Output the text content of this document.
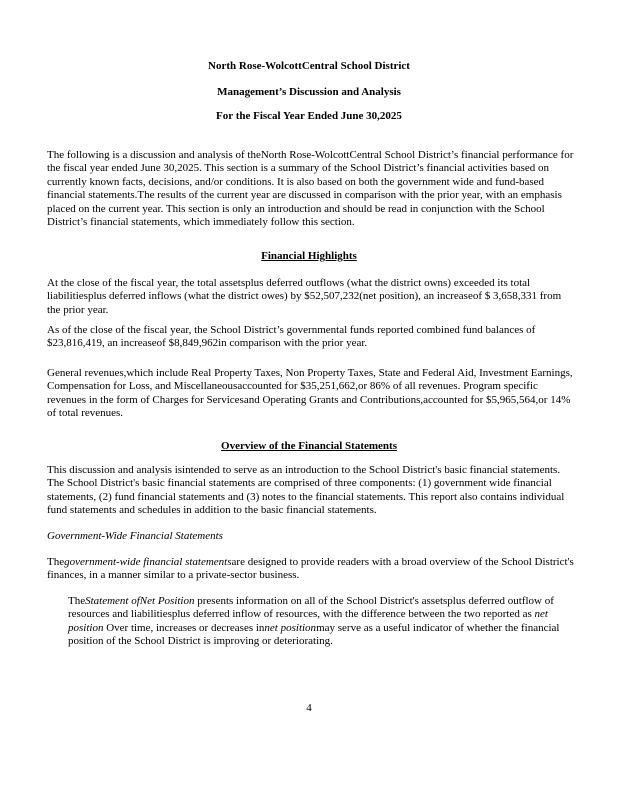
North Rose-WolcottCentral School District
Management’s Discussion and Analysis
For the Fiscal Year Ended June 30,2025
The following is a discussion and analysis of theNorth Rose-WolcottCentral School District’s financial performance for the fiscal year ended June 30,2025. This section is a summary of the School District’s financial activities based on currently known facts, decisions, and/or conditions. It is also based on both the government wide and fund-based financial statements.The results of the current year are discussed in comparison with the prior year, with an emphasis placed on the current year. This section is only an introduction and should be read in conjunction with the School District’s financial statements, which immediately follow this section.
Financial Highlights
At the close of the fiscal year, the total assetsplus deferred outflows (what the district owns) exceeded its total liabilitiesplus deferred inflows (what the district owes) by $52,507,232(net position), an increaseof $ 3,658,331 from the prior year.
As of the close of the fiscal year, the School District’s governmental funds reported combined fund balances of $23,816,419, an increaseof $8,849,962in comparison with the prior year.
General revenues,which include Real Property Taxes, Non Property Taxes, State and Federal Aid, Investment Earnings, Compensation for Loss, and Miscellaneousaccounted for $35,251,662,or 86% of all revenues. Program specific revenues in the form of Charges for Servicesand Operating Grants and Contributions,accounted for $5,965,564,or 14% of total revenues.
Overview of the Financial Statements
This discussion and analysis isintended to serve as an introduction to the School District's basic financial statements. The School District's basic financial statements are comprised of three components: (1) government wide financial statements, (2) fund financial statements and (3) notes to the financial statements. This report also contains individual fund statements and schedules in addition to the basic financial statements.
Government-Wide Financial Statements
Thegovernment-wide financial statementsare designed to provide readers with a broad overview of the School District's finances, in a manner similar to a private-sector business.
TheStatement ofNet Position presents information on all of the School District's assetsplus deferred outflow of resources and liabilitiesplus deferred inflow of resources, with the difference between the two reported as net position Over time, increases or decreases innet positionmay serve as a useful indicator of whether the financial position of the School District is improving or deteriorating.
4
